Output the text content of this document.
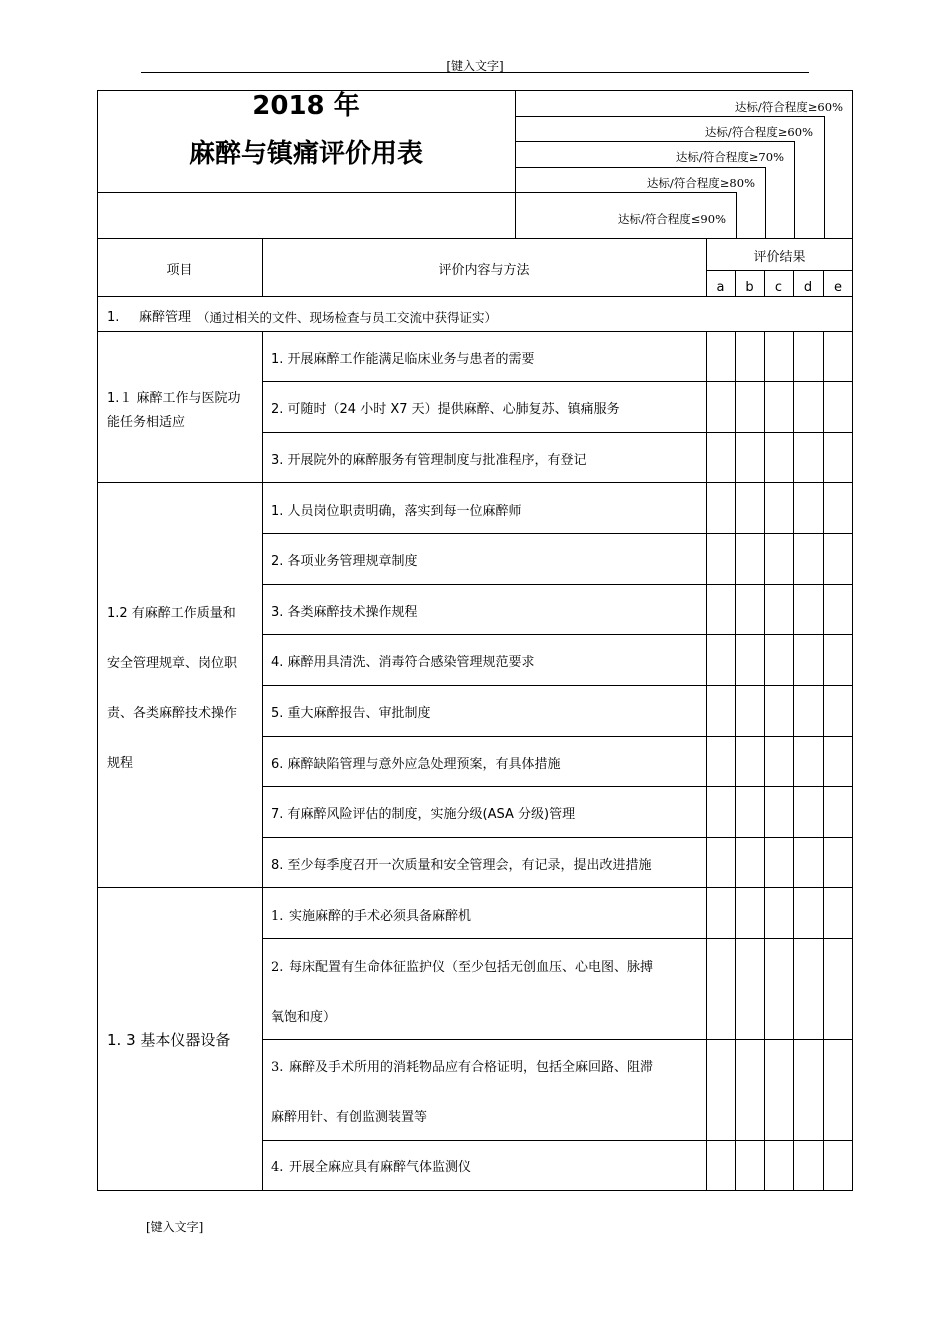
[键入文字]
2018 年
麻醉与镇痛评价用表
达标/符合程度≥60%
达标/符合程度≥60%
达标/符合程度≥70%
达标/符合程度≥80%
达标/符合程度≤90%
项目	评价内容与方法
评价结果
a	b	c	d	e
1. 麻醉管理 （通过相关的文件、现场检查与员工交流中获得证实）
1.１ 麻醉工作与医院功
能任务相适应
1. 开展麻醉工作能满足临床业务与患者的需要
2. 可随时（24 小时 X7 天）提供麻醉、心肺复苏、镇痛服务
3. 开展院外的麻醉服务有管理制度与批准程序，有登记
1.2 有麻醉工作质量和
安全管理规章、岗位职
责、各类麻醉技术操作
规程
1. 人员岗位职责明确，落实到每一位麻醉师
2. 各项业务管理规章制度
3. 各类麻醉技术操作规程
4. 麻醉用具清洗、消毒符合感染管理规范要求
5. 重大麻醉报告、审批制度
6. 麻醉缺陷管理与意外应急处理预案，有具体措施
7. 有麻醉风险评估的制度，实施分级(ASA 分级)管理
8. 至少每季度召开一次质量和安全管理会，有记录，提出改进措施
1. 3 基本仪器设备
1. 实施麻醉的手术必须具备麻醉机
2. 每床配置有生命体征监护仪（至少包括无创血压、心电图、脉搏
氧饱和度）
3. 麻醉及手术所用的消耗物品应有合格证明，包括全麻回路、阻滞
麻醉用针、有创监测装置等
4. 开展全麻应具有麻醉气体监测仪
[键入文字]
